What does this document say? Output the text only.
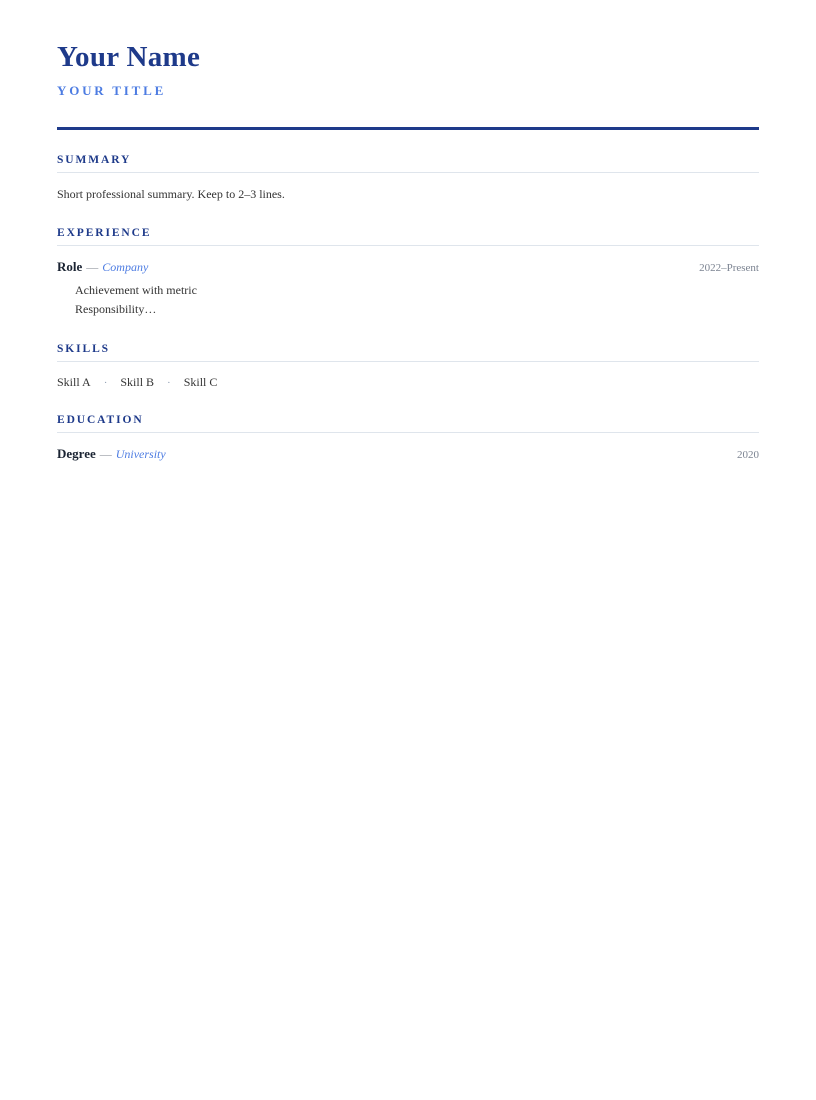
Your Name
YOUR TITLE
SUMMARY

Short professional summary. Keep to 2–3 lines.

EXPERIENCE
Role — Company	2022–Present
Achievement with metric
Responsibility…
SKILLS
Skill A · Skill B · Skill C
EDUCATION
Degree — University	2020
